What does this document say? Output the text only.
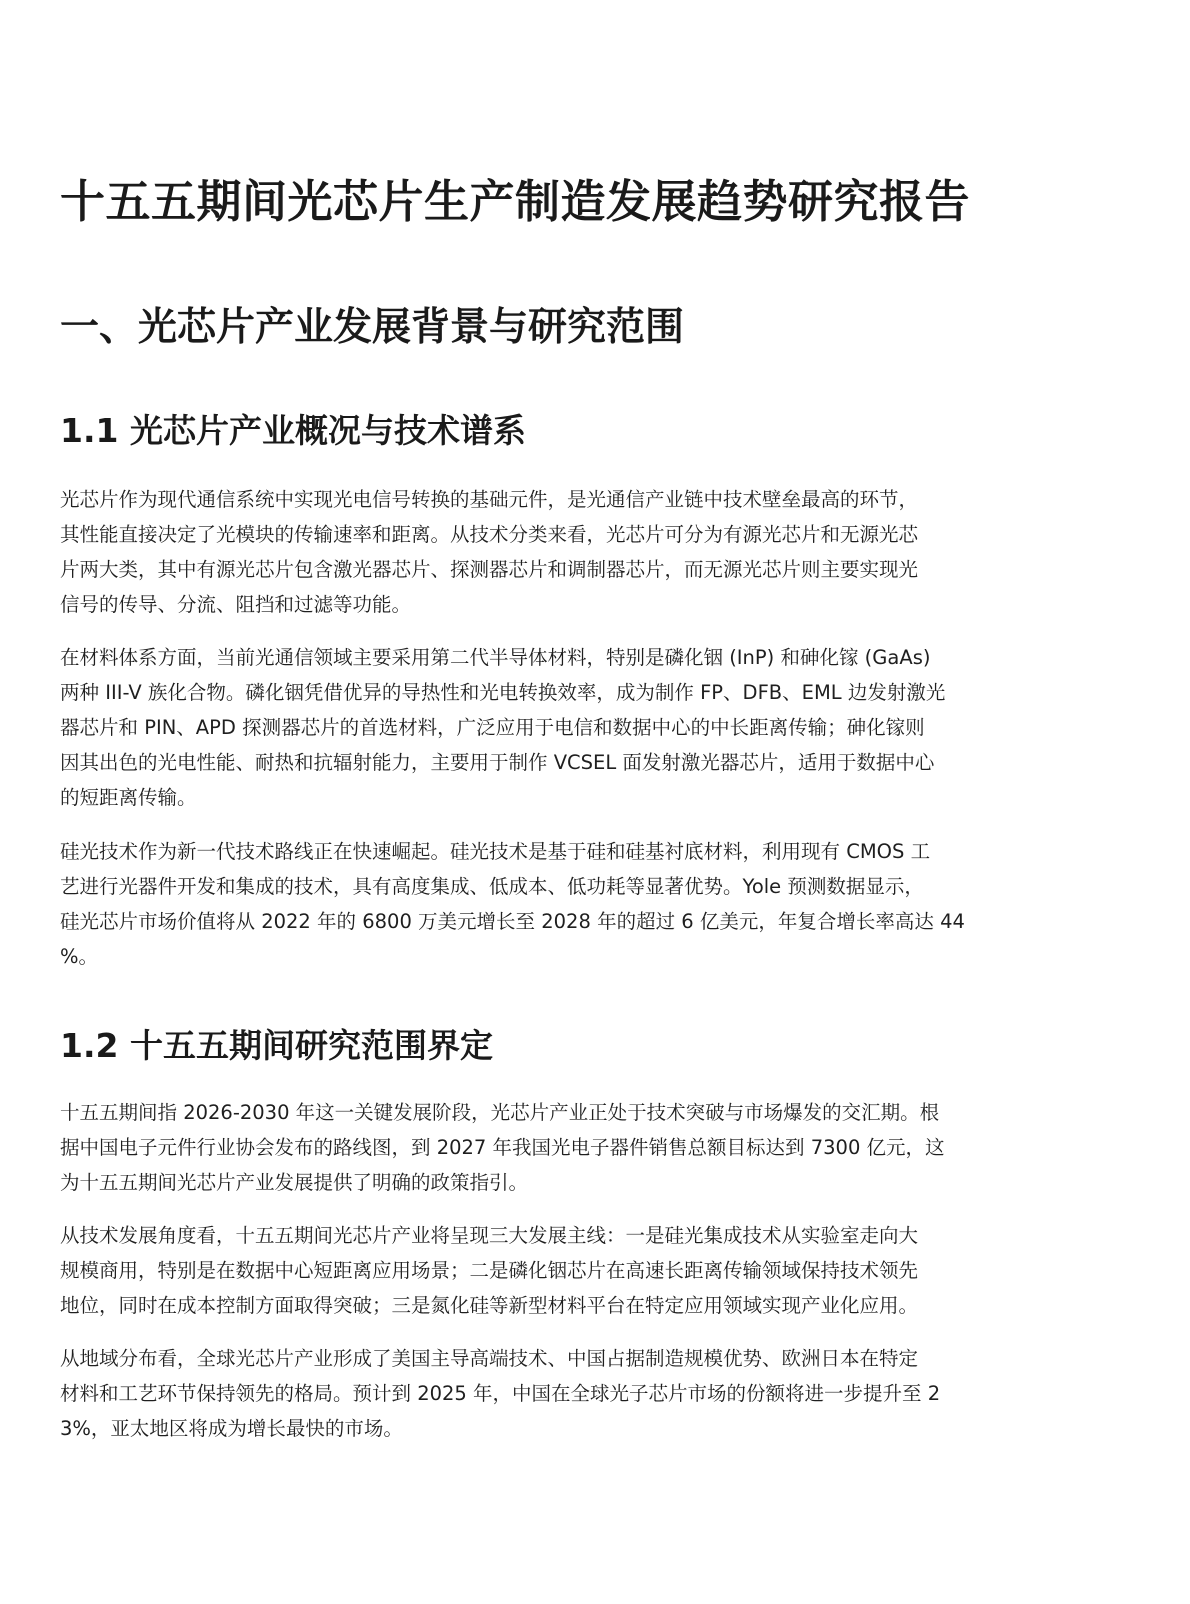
十五五期间光芯片生产制造发展趋势研究报告
一、光芯片产业发展背景与研究范围
1.1 光芯片产业概况与技术谱系

光芯片作为现代通信系统中实现光电信号转换的基础元件，是光通信产业链中技术壁垒最高的环节，
其性能直接决定了光模块的传输速率和距离。从技术分类来看，光芯片可分为有源光芯片和无源光芯
片两大类，其中有源光芯片包含激光器芯片、探测器芯片和调制器芯片，而无源光芯片则主要实现光
信号的传导、分流、阻挡和过滤等功能。

在材料体系方面，当前光通信领域主要采用第二代半导体材料，特别是磷化铟 (InP) 和砷化镓 (GaAs)
两种 III-V 族化合物。磷化铟凭借优异的导热性和光电转换效率，成为制作 FP、DFB、EML 边发射激光
器芯片和 PIN、APD 探测器芯片的首选材料，广泛应用于电信和数据中心的中长距离传输；砷化镓则
因其出色的光电性能、耐热和抗辐射能力，主要用于制作 VCSEL 面发射激光器芯片，适用于数据中心
的短距离传输。

硅光技术作为新一代技术路线正在快速崛起。硅光技术是基于硅和硅基衬底材料，利用现有 CMOS 工
艺进行光器件开发和集成的技术，具有高度集成、低成本、低功耗等显著优势。Yole 预测数据显示，
硅光芯片市场价值将从 2022 年的 6800 万美元增长至 2028 年的超过 6 亿美元，年复合增长率高达 44
%。

1.2 十五五期间研究范围界定

十五五期间指 2026-2030 年这一关键发展阶段，光芯片产业正处于技术突破与市场爆发的交汇期。根
据中国电子元件行业协会发布的路线图，到 2027 年我国光电子器件销售总额目标达到 7300 亿元，这
为十五五期间光芯片产业发展提供了明确的政策指引。

从技术发展角度看，十五五期间光芯片产业将呈现三大发展主线：一是硅光集成技术从实验室走向大
规模商用，特别是在数据中心短距离应用场景；二是磷化铟芯片在高速长距离传输领域保持技术领先
地位，同时在成本控制方面取得突破；三是氮化硅等新型材料平台在特定应用领域实现产业化应用。

从地域分布看，全球光芯片产业形成了美国主导高端技术、中国占据制造规模优势、欧洲日本在特定
材料和工艺环节保持领先的格局。预计到 2025 年，中国在全球光子芯片市场的份额将进一步提升至 2
3%，亚太地区将成为增长最快的市场。
